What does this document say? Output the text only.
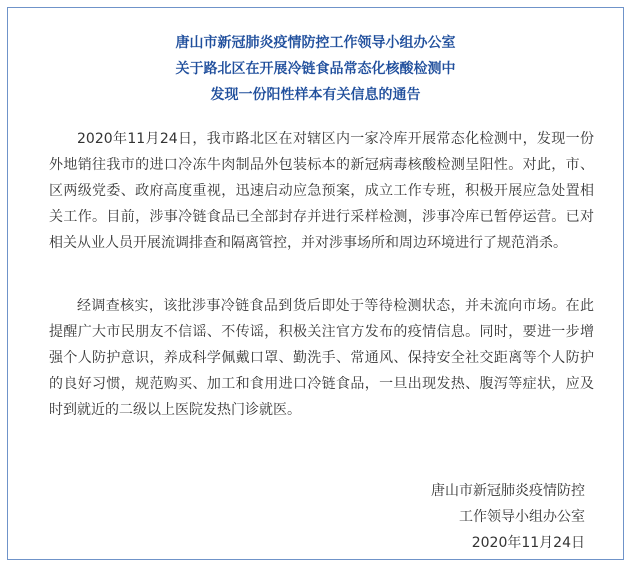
唐山市新冠肺炎疫情防控工作领导小组办公室
关于路北区在开展冷链食品常态化核酸检测中
发现一份阳性样本有关信息的通告

2020年11月24日，我市路北区在对辖区内一家冷库开展常态化检测中，发现一份外地销往我市的进口冷冻牛肉制品外包装标本的新冠病毒核酸检测呈阳性。对此，市、区两级党委、政府高度重视，迅速启动应急预案，成立工作专班，积极开展应急处置相关工作。目前，涉事冷链食品已全部封存并进行采样检测，涉事冷库已暂停运营。已对相关从业人员开展流调排查和隔离管控，并对涉事场所和周边环境进行了规范消杀。

经调查核实，该批涉事冷链食品到货后即处于等待检测状态，并未流向市场。在此提醒广大市民朋友不信谣、不传谣，积极关注官方发布的疫情信息。同时，要进一步增强个人防护意识，养成科学佩戴口罩、勤洗手、常通风、保持安全社交距离等个人防护的良好习惯，规范购买、加工和食用进口冷链食品，一旦出现发热、腹泻等症状，应及时到就近的二级以上医院发热门诊就医。

唐山市新冠肺炎疫情防控
工作领导小组办公室
2020年11月24日
